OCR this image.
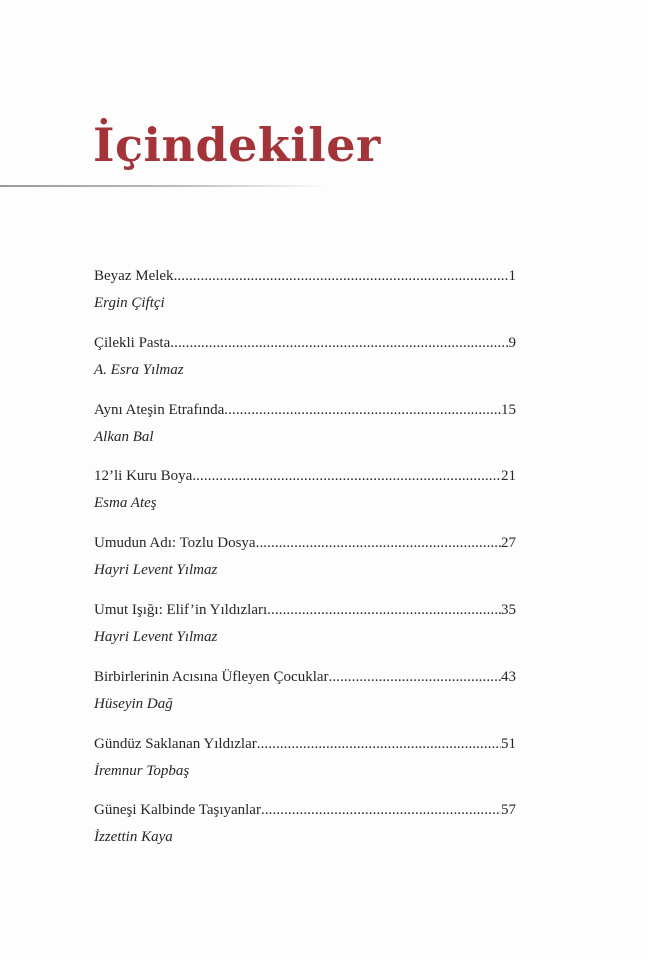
İçindekiler
Beyaz Melek .....	1
Ergin Çiftçi
Çilekli Pasta .....	9
A. Esra Yılmaz
Aynı Ateşin Etrafında .....	15
Alkan Bal
12’li Kuru Boya .....	21
Esma Ateş
Umudun Adı: Tozlu Dosya .....	27
Hayri Levent Yılmaz
Umut Işığı: Elif’in Yıldızları .....	35
Hayri Levent Yılmaz
Birbirlerinin Acısına Üfleyen Çocuklar .....	43
Hüseyin Dağ
Gündüz Saklanan Yıldızlar .....	51
İremnur Topbaş
Güneşi Kalbinde Taşıyanlar .....	57
İzzettin Kaya
